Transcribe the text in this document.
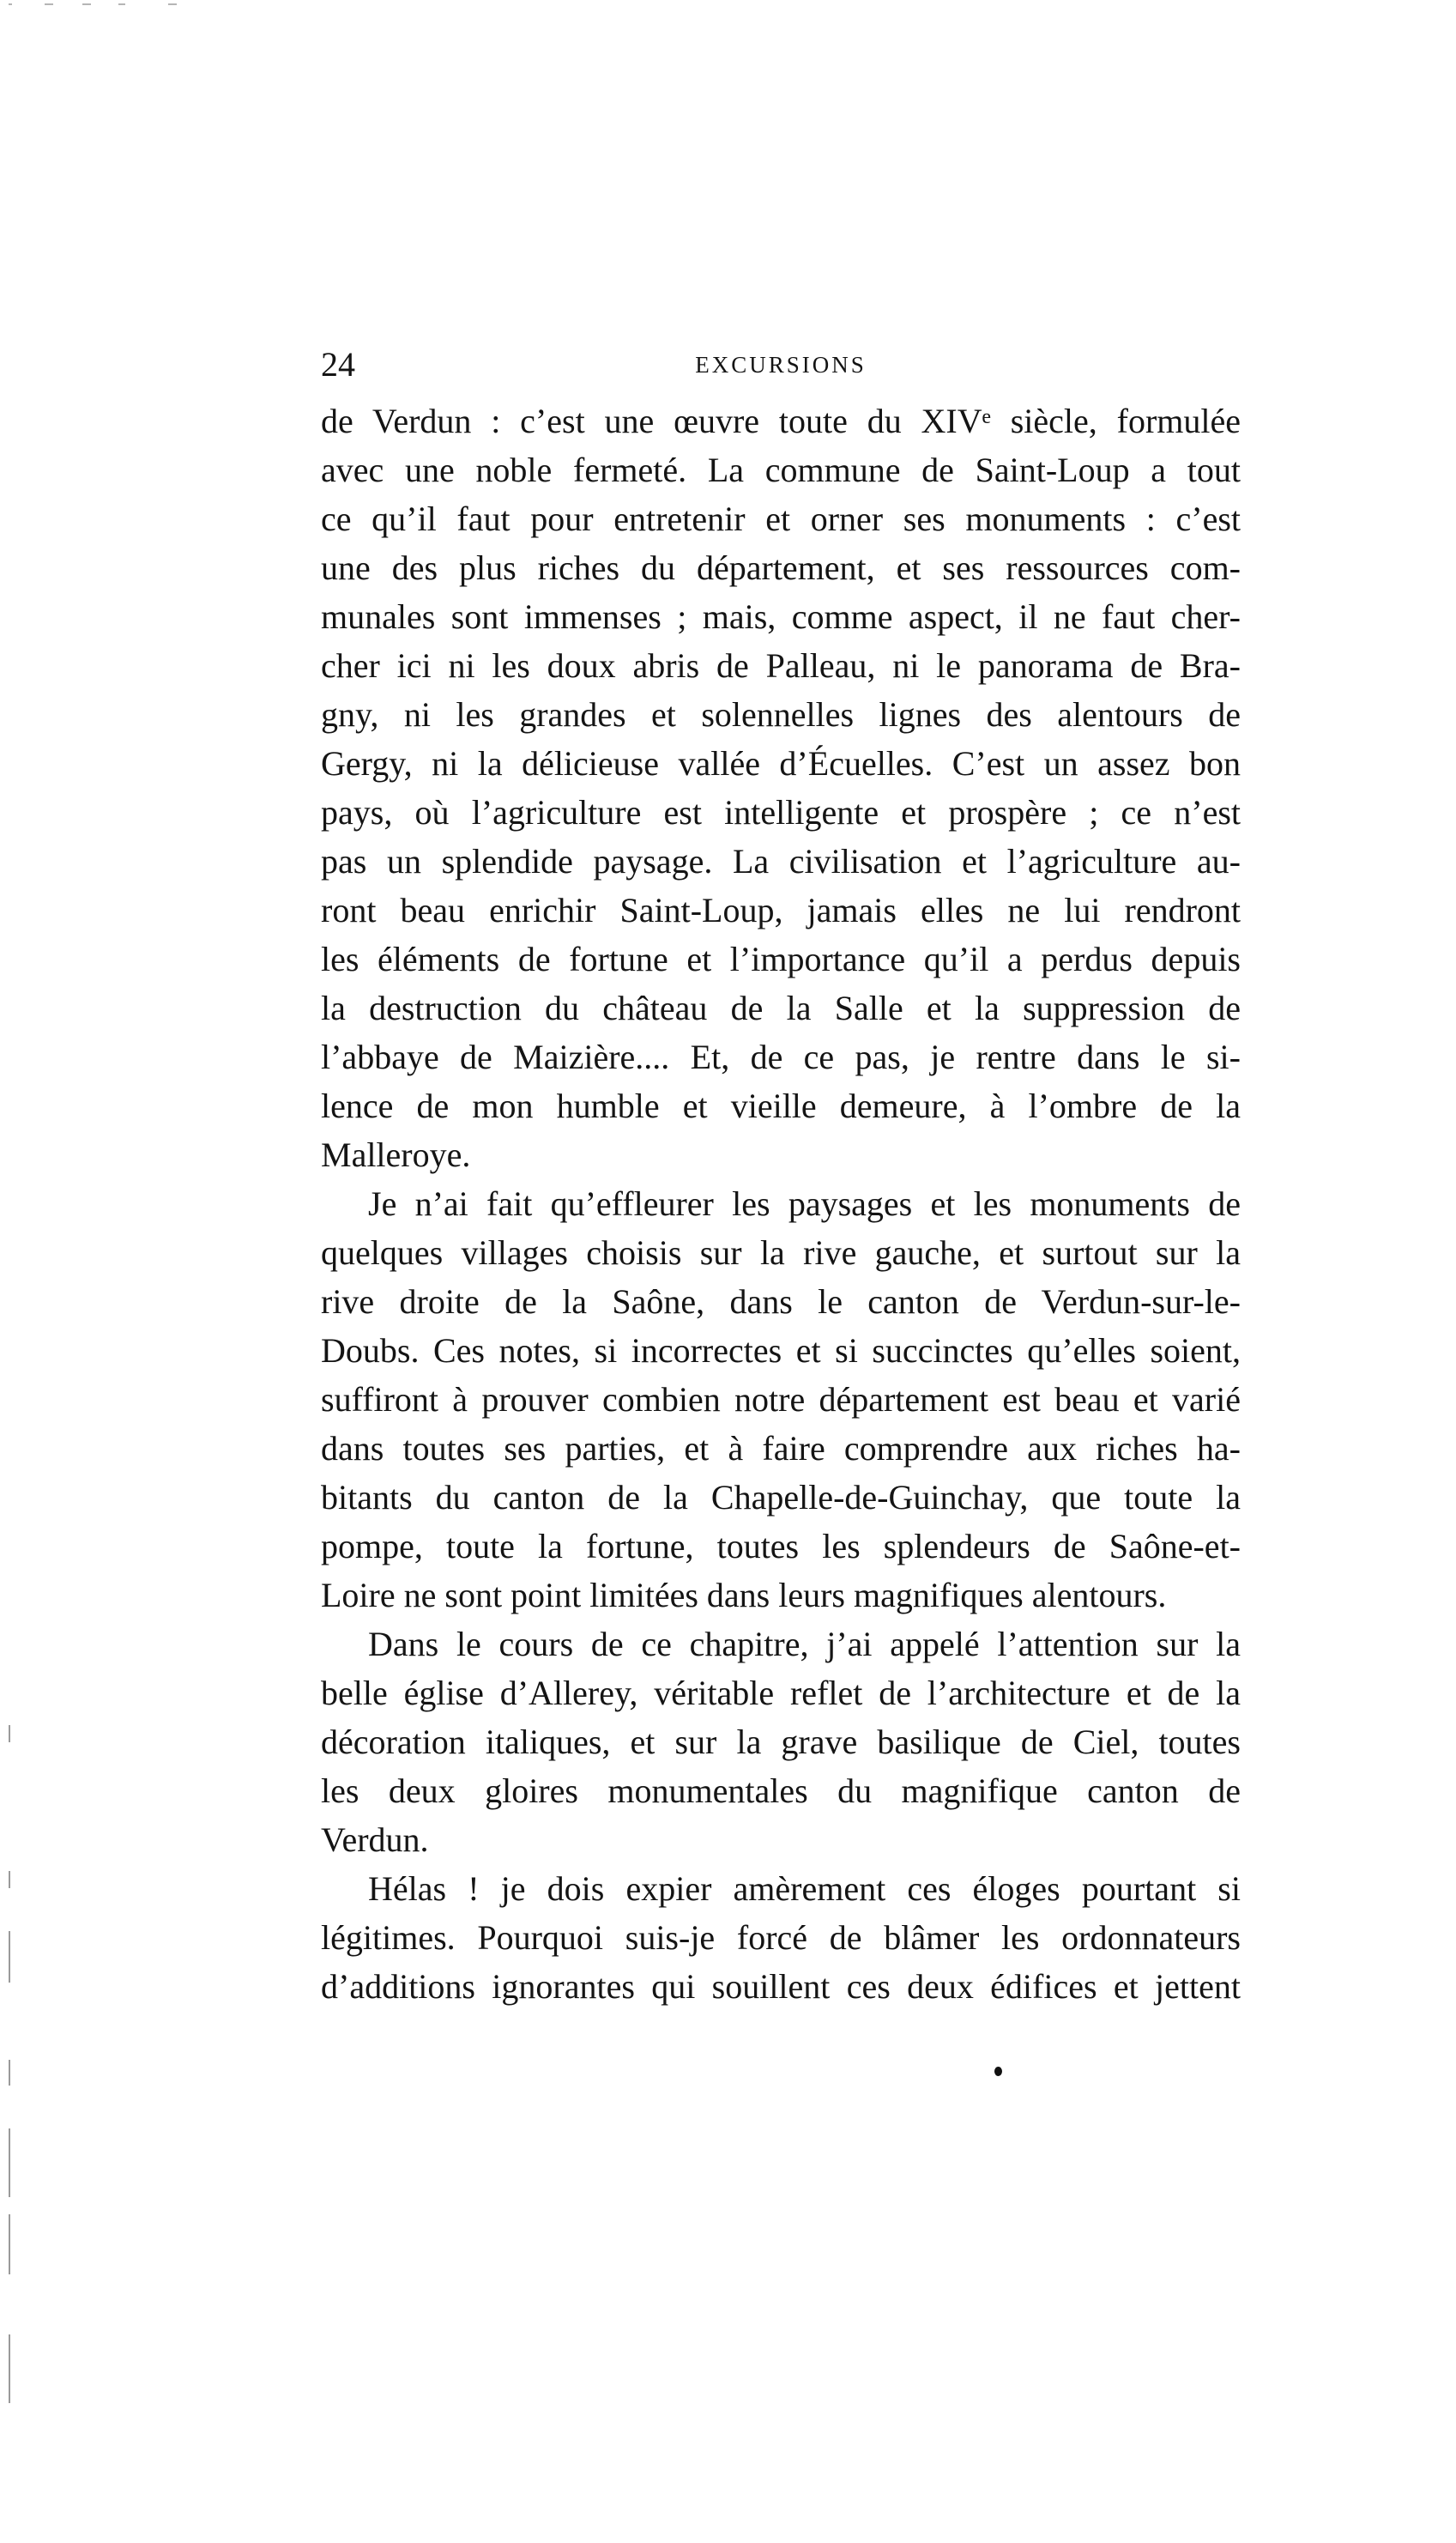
24	EXCURSIONS
de Verdun : c’est une œuvre toute du XIVᵉ siècle, formulée
avec une noble fermeté. La commune de Saint-Loup a tout
ce qu’il faut pour entretenir et orner ses monuments : c’est
une des plus riches du département, et ses ressources com-
munales sont immenses ; mais, comme aspect, il ne faut cher-
cher ici ni les doux abris de Palleau, ni le panorama de Bra-
gny, ni les grandes et solennelles lignes des alentours de
Gergy, ni la délicieuse vallée d’Écuelles. C’est un assez bon
pays, où l’agriculture est intelligente et prospère ; ce n’est
pas un splendide paysage. La civilisation et l’agriculture au-
ront beau enrichir Saint-Loup, jamais elles ne lui rendront
les éléments de fortune et l’importance qu’il a perdus depuis
la destruction du château de la Salle et la suppression de
l’abbaye de Maizière.... Et, de ce pas, je rentre dans le si-
lence de mon humble et vieille demeure, à l’ombre de la
Malleroye.
Je n’ai fait qu’effleurer les paysages et les monuments de
quelques villages choisis sur la rive gauche, et surtout sur la
rive droite de la Saône, dans le canton de Verdun-sur-le-
Doubs. Ces notes, si incorrectes et si succinctes qu’elles soient,
suffiront à prouver combien notre département est beau et varié
dans toutes ses parties, et à faire comprendre aux riches ha-
bitants du canton de la Chapelle-de-Guinchay, que toute la
pompe, toute la fortune, toutes les splendeurs de Saône-et-
Loire ne sont point limitées dans leurs magnifiques alentours.
Dans le cours de ce chapitre, j’ai appelé l’attention sur la
belle église d’Allerey, véritable reflet de l’architecture et de la
décoration italiques, et sur la grave basilique de Ciel, toutes
les deux gloires monumentales du magnifique canton de
Verdun.
Hélas ! je dois expier amèrement ces éloges pourtant si
légitimes. Pourquoi suis-je forcé de blâmer les ordonnateurs
d’additions ignorantes qui souillent ces deux édifices et jettent
